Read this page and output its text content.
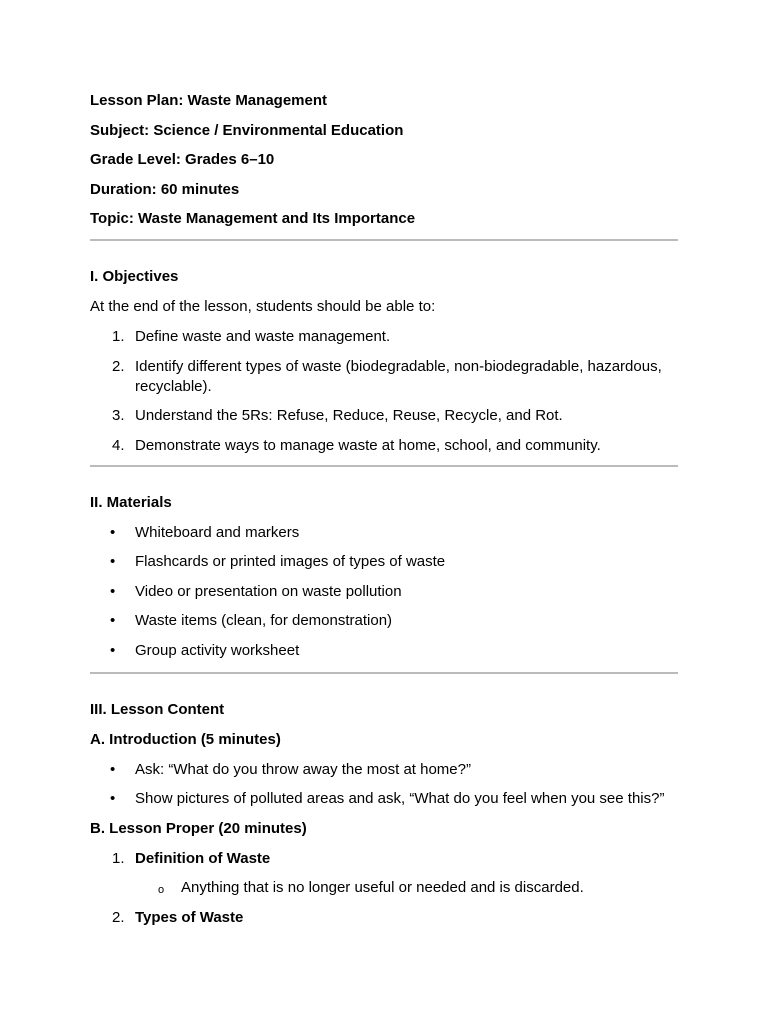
Lesson Plan: Waste Management

Subject: Science / Environmental Education

Grade Level: Grades 6–10

Duration: 60 minutes

Topic: Waste Management and Its Importance

I. Objectives

At the end of the lesson, students should be able to:

1. Define waste and waste management.
2. Identify different types of waste (biodegradable, non-biodegradable, hazardous, recyclable).
3. Understand the 5Rs: Refuse, Reduce, Reuse, Recycle, and Rot.
4. Demonstrate ways to manage waste at home, school, and community.

II. Materials

• Whiteboard and markers
• Flashcards or printed images of types of waste
• Video or presentation on waste pollution
• Waste items (clean, for demonstration)
• Group activity worksheet

III. Lesson Content

A. Introduction (5 minutes)

• Ask: “What do you throw away the most at home?”
• Show pictures of polluted areas and ask, “What do you feel when you see this?”

B. Lesson Proper (20 minutes)

1. Definition of Waste
o Anything that is no longer useful or needed and is discarded.
2. Types of Waste
